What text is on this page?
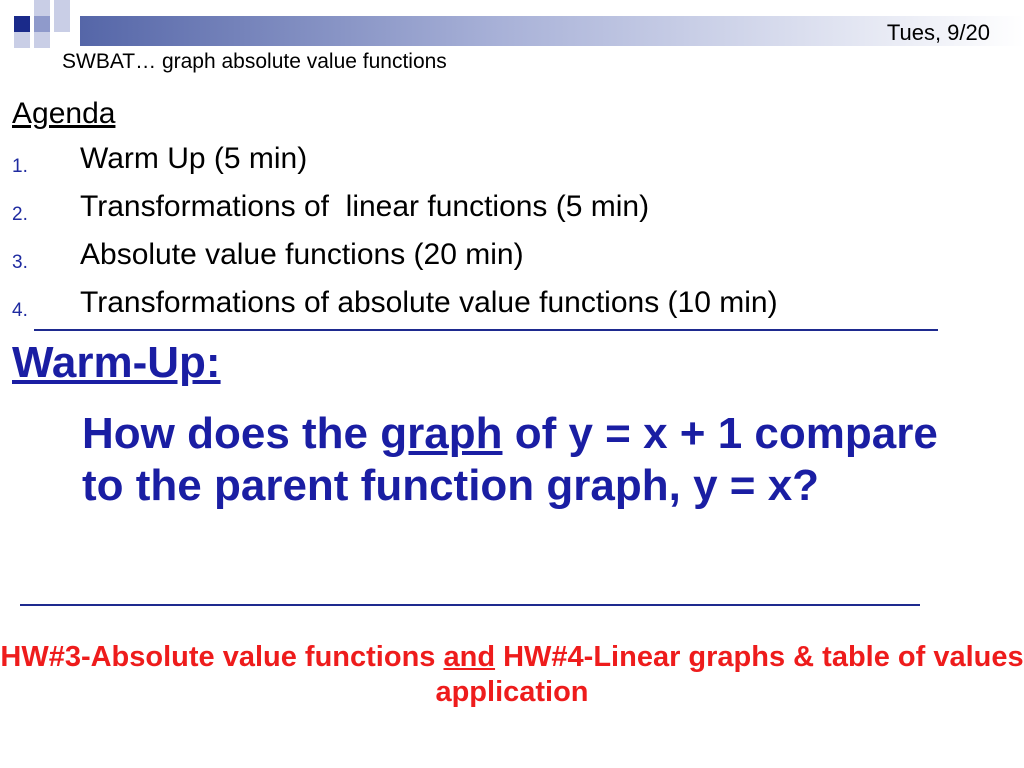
Tues, 9/20
SWBAT… graph absolute value functions
Agenda
1. Warm Up (5 min)
2. Transformations of  linear functions (5 min)
3. Absolute value functions (20 min)
4. Transformations of absolute value functions (10 min)
Warm-Up:
How does the graph of y = x + 1 compare to the parent function graph, y = x?
HW#3-Absolute value functions and HW#4-Linear graphs & table of values application
